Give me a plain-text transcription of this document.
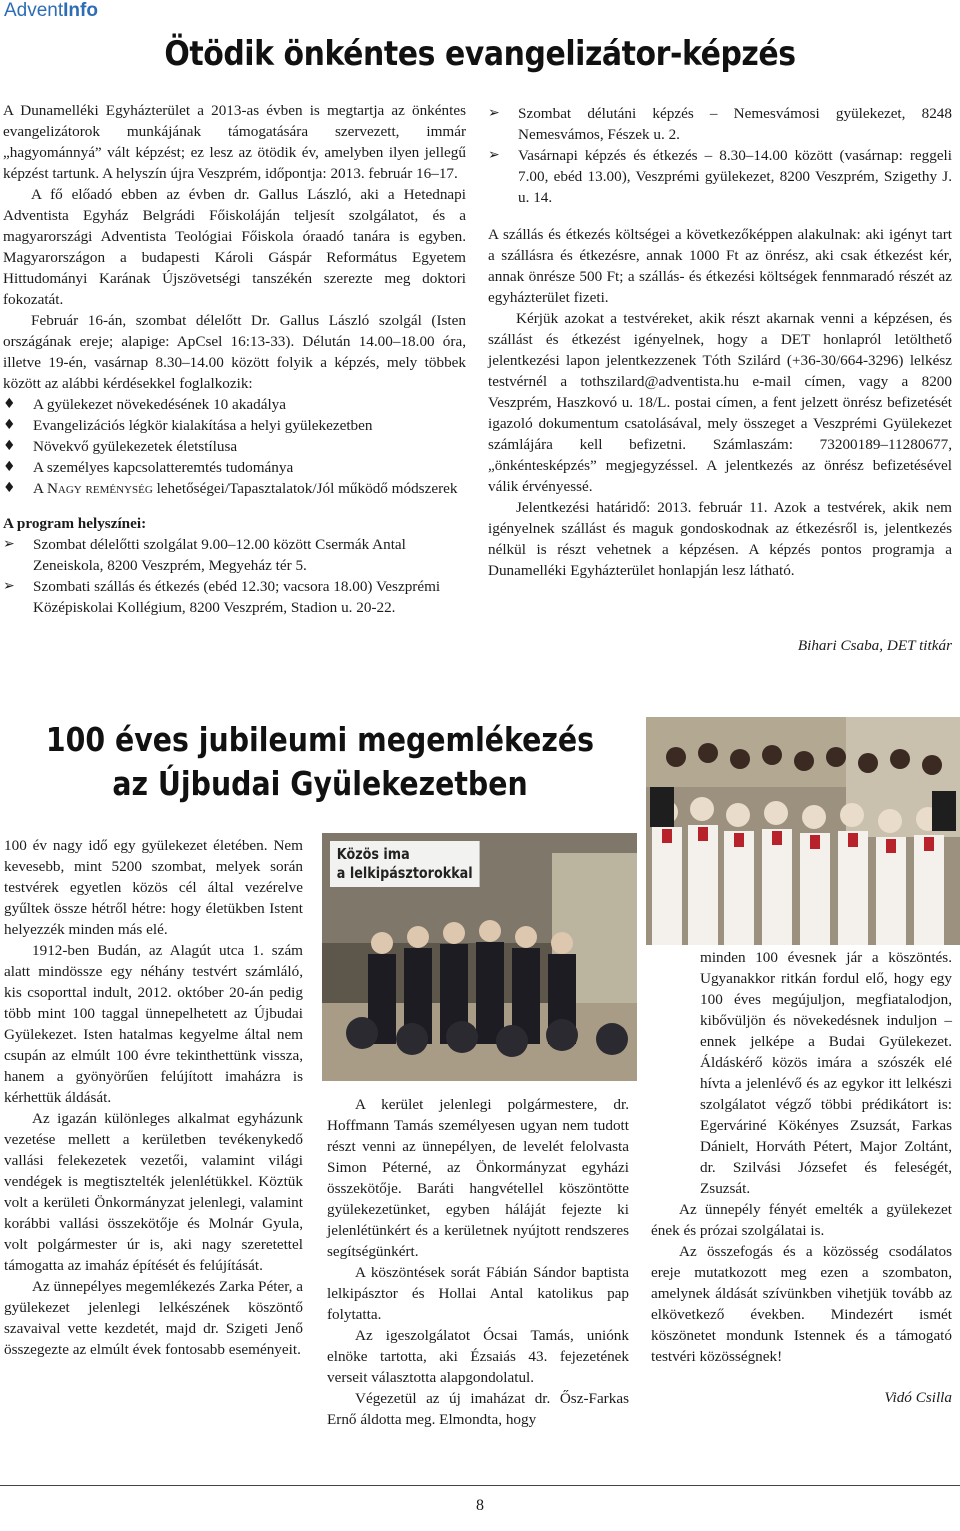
AdventInfo
Ötödik önkéntes evangelizátor-képzés

A Dunamelléki Egyházterület a 2013-as évben is megtartja az önkéntes evangelizátorok munkájának támogatására szervezett, immár „hagyománnyá” vált képzést; ez lesz az ötödik év, amelyben ilyen jellegű képzést tartunk. A helyszín újra Veszprém, időpontja: 2013. február 16–17.

A fő előadó ebben az évben dr. Gallus László, aki a Hetednapi Adventista Egyház Belgrádi Főiskoláján teljesít szolgálatot, és a magyarországi Adventista Teológiai Főiskola óraadó tanára is egyben. Magyarországon a budapesti Károli Gáspár Református Egyetem Hittudományi Karának Újszövetségi tanszékén szerezte meg doktori fokozatát.

Február 16-án, szombat délelőtt Dr. Gallus László szolgál (Isten országának ereje; alapige: ApCsel 16:13-33). Délután 14.00–18.00 óra, illetve 19-én, vasárnap 8.30–14.00 között folyik a képzés, mely többek között az alábbi kérdésekkel foglalkozik:

♦ A gyülekezet növekedésének 10 akadálya
♦ Evangelizációs légkör kialakítása a helyi gyülekezetben
♦ Növekvő gyülekezetek életstílusa
♦ A személyes kapcsolatteremtés tudománya
♦ A Nagy reménység lehetőségei/Tapasztalatok/Jól működő módszerek

A program helyszínei:

➢ Szombat délelőtti szolgálat 9.00–12.00 között Csermák Antal Zeneiskola, 8200 Veszprém, Megyeház tér 5.
➢ Szombati szállás és étkezés (ebéd 12.30; vacsora 18.00) Veszprémi Középiskolai Kollégium, 8200 Veszprém, Stadion u. 20-22.
➢ Szombat délutáni képzés – Nemesvámosi gyülekezet, 8248 Nemesvámos, Fészek u. 2.
➢ Vasárnapi képzés és étkezés – 8.30–14.00 között (vasárnap: reggeli 7.00, ebéd 13.00), Veszprémi gyülekezet, 8200 Veszprém, Szigethy J. u. 14.

A szállás és étkezés költségei a következőképpen alakulnak: aki igényt tart a szállásra és étkezésre, annak 1000 Ft az önrész, aki csak étkezést kér, annak önrésze 500 Ft; a szállás- és étkezési költségek fennmaradó részét az egyházterület fizeti.

Kérjük azokat a testvéreket, akik részt akarnak venni a képzésen, és szállást és étkezést igényelnek, hogy a DET honlapról letölthető jelentkezési lapon jelentkezzenek Tóth Szilárd (+36-30/664-3296) lelkész testvérnél a tothszilard@adventista.hu e-mail címen, vagy a 8200 Veszprém, Haszkovó u. 18/L. postai címen, a fent jelzett önrész befizetését igazoló dokumentum csatolásával, mely összeget a Veszprémi Gyülekezet számlájára kell befizetni. Számlaszám: 73200189–11280677, „önkéntesképzés” megjegyzéssel. A jelentkezés az önrész befizetésével válik érvényessé.

Jelentkezési határidő: 2013. február 11. Azok a testvérek, akik nem igényelnek szállást és maguk gondoskodnak az étkezésről is, jelentkezés nélkül is részt vehetnek a képzésen. A képzés pontos programja a Dunamelléki Egyházterület honlapján lesz látható.

Bihari Csaba, DET titkár

100 éves jubileumi megemlékezés
az Újbudai Gyülekezetben
Közös ima
a lelkipásztorokkal

100 év nagy idő egy gyülekezet életében. Nem kevesebb, mint 5200 szombat, melyek során testvérek egyetlen közös cél által vezérelve gyűltek össze hétről hétre: hogy életükben Istent helyezzék minden más elé.

1912-ben Budán, az Alagút utca 1. szám alatt mindössze egy néhány testvért számláló, kis csoporttal indult, 2012. október 20-án pedig több mint 100 taggal ünnepelhetett az Újbudai Gyülekezet. Isten hatalmas kegyelme által nem csupán az elmúlt 100 évre tekinthettünk vissza, hanem a gyönyörűen felújított imaházra is kérhettük áldását.

Az igazán különleges alkalmat egyházunk vezetése mellett a kerületben tevékenykedő vallási felekezetek vezetői, valamint világi vendégek is megtisztelték jelenlétükkel. Köztük volt a kerületi Önkormányzat jelenlegi, valamint korábbi vallási összekötője és Molnár Gyula, volt polgármester úr is, aki nagy szeretettel támogatta az imaház építését és felújítását.

Az ünnepélyes megemlékezés Zarka Péter, a gyülekezet jelenlegi lelkészének köszöntő szavaival vette kezdetét, majd dr. Szigeti Jenő összegezte az elmúlt évek fontosabb eseményeit.

A kerület jelenlegi polgármestere, dr. Hoffmann Tamás személyesen ugyan nem tudott részt venni az ünnepélyen, de levelét felolvasta Simon Péterné, az Önkormányzat egyházi összekötője. Baráti hangvétellel köszöntötte gyülekezetünket, egyben háláját fejezte ki jelenlétünkért és a kerületnek nyújtott rendszeres segítségünkért.

A köszöntések sorát Fábián Sándor baptista lelkipásztor és Hollai Antal katolikus pap folytatta.

Az igeszolgálatot Ócsai Tamás, uniónk elnöke tartotta, aki Ézsaiás 43. fejezetének verseit választotta alapgondolatul.

Végezetül az új imaházat dr. Ősz-Farkas Ernő áldotta meg. Elmondta, hogy

minden 100 évesnek jár a köszöntés. Ugyanakkor ritkán fordul elő, hogy egy 100 éves megújuljon, megfiatalodjon, kibővüljön és növekedésnek induljon – ennek jelképe a Budai Gyülekezet. Áldáskérő közös imára a szószék elé hívta a jelenlévő és az egykor itt lelkészi szolgálatot végző többi prédikátort is: Egerváriné Kökényes Zsuzsát, Farkas Dánielt, Horváth Pétert, Major Zoltánt, dr. Szilvási Józsefet és feleségét, Zsuzsát.

Az ünnepély fényét emelték a gyülekezet ének és prózai szolgálatai is.

Az összefogás és a közösség csodálatos ereje mutatkozott meg ezen a szombaton, amelynek áldását szívünkben vihetjük tovább az elkövetkező években. Mindezért ismét köszönetet mondunk Istennek és a támogató testvéri közösségnek!

Vidó Csilla

8
